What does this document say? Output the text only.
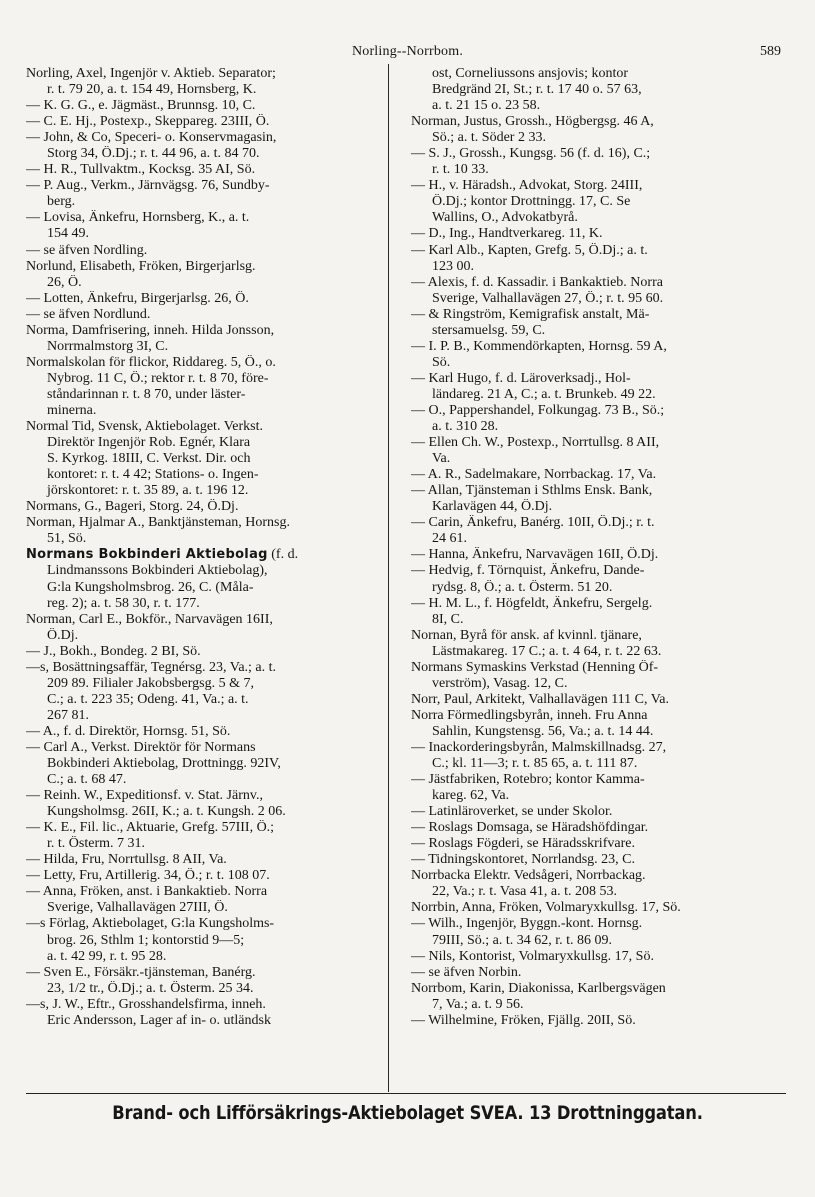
Norling--Norrbom.	589
Norling, Axel, Ingenjör v. Aktieb. Separator;
  r. t. 79 20, a. t. 154 49, Hornsberg, K.
— K. G. G., e. Jägmäst., Brunnsg. 10, C.
— C. E. Hj., Postexp., Skeppareg. 23III, Ö.
— John, & Co, Speceri- o. Konservmagasin,
  Storg 34, Ö.Dj.; r. t. 44 96, a. t. 84 70.
— H. R., Tullvaktm., Kocksg. 35 AI, Sö.
— P. Aug., Verkm., Järnvägsg. 76, Sundby-
  berg.
— Lovisa, Änkefru, Hornsberg, K., a. t.
  154 49.
— se äfven Nordling.
Norlund, Elisabeth, Fröken, Birgerjarlsg.
  26, Ö.
— Lotten, Änkefru, Birgerjarlsg. 26, Ö.
— se äfven Nordlund.
Norma, Damfrisering, inneh. Hilda Jonsson,
  Norrmalmstorg 3I, C.
Normalskolan för flickor, Riddareg. 5, Ö., o.
  Nybrog. 11 C, Ö.; rektor r. t. 8 70, före-
  ståndarinnan r. t. 8 70, under läster-
  minerna.
Normal Tid, Svensk, Aktiebolaget. Verkst.
  Direktör Ingenjör Rob. Egnér, Klara
  S. Kyrkog. 18III, C. Verkst. Dir. och
  kontoret: r. t. 4 42; Stations- o. Ingen-
  jörskontoret: r. t. 35 89, a. t. 196 12.
Normans, G., Bageri, Storg. 24, Ö.Dj.
Norman, Hjalmar A., Banktjänsteman, Hornsg.
  51, Sö.
Normans Bokbinderi Aktiebolag (f. d.
  Lindmanssons Bokbinderi Aktiebolag),
  G:la Kungsholmsbrog. 26, C. (Måla-
  reg. 2); a. t. 58 30, r. t. 177.
Norman, Carl E., Bokför., Narvavägen 16II,
  Ö.Dj.
— J., Bokh., Bondeg. 2 BI, Sö.
—s, Bosättningsaffär, Tegnérsg. 23, Va.; a. t.
  209 89. Filialer Jakobsbergsg. 5 & 7,
  C.; a. t. 223 35; Odeng. 41, Va.; a. t.
  267 81.
— A., f. d. Direktör, Hornsg. 51, Sö.
— Carl A., Verkst. Direktör för Normans
  Bokbinderi Aktiebolag, Drottningg. 92IV,
  C.; a. t. 68 47.
— Reinh. W., Expeditionsf. v. Stat. Järnv.,
  Kungsholmsg. 26II, K.; a. t. Kungsh. 2 06.
— K. E., Fil. lic., Aktuarie, Grefg. 57III, Ö.;
  r. t. Österm. 7 31.
— Hilda, Fru, Norrtullsg. 8 AII, Va.
— Letty, Fru, Artillerig. 34, Ö.; r. t. 108 07.
— Anna, Fröken, anst. i Bankaktieb. Norra
  Sverige, Valhallavägen 27III, Ö.
—s Förlag, Aktiebolaget, G:la Kungsholms-
  brog. 26, Sthlm 1; kontorstid 9—5;
  a. t. 42 99, r. t. 95 28.
— Sven E., Försäkr.-tjänsteman, Banérg.
  23, 1/2 tr., Ö.Dj.; a. t. Österm. 25 34.
—s, J. W., Eftr., Grosshandelsfirma, inneh.
  Eric Andersson, Lager af in- o. utländsk
  ost, Corneliussons ansjovis; kontor
  Bredgränd 2I, St.; r. t. 17 40 o. 57 63,
  a. t. 21 15 o. 23 58.
Norman, Justus, Grossh., Högbergsg. 46 A,
  Sö.; a. t. Söder 2 33.
— S. J., Grossh., Kungsg. 56 (f. d. 16), C.;
  r. t. 10 33.
— H., v. Häradsh., Advokat, Storg. 24III,
  Ö.Dj.; kontor Drottningg. 17, C. Se
  Wallins, O., Advokatbyrå.
— D., Ing., Handtverkareg. 11, K.
— Karl Alb., Kapten, Grefg. 5, Ö.Dj.; a. t.
  123 00.
— Alexis, f. d. Kassadir. i Bankaktieb. Norra
  Sverige, Valhallavägen 27, Ö.; r. t. 95 60.
— & Ringström, Kemigrafisk anstalt, Mä-
  stersamuelsg. 59, C.
— I. P. B., Kommendörkapten, Hornsg. 59 A,
  Sö.
— Karl Hugo, f. d. Läroverksadj., Hol-
  ländareg. 21 A, C.; a. t. Brunkeb. 49 22.
— O., Pappershandel, Folkungag. 73 B., Sö.;
  a. t. 310 28.
— Ellen Ch. W., Postexp., Norrtullsg. 8 AII,
  Va.
— A. R., Sadelmakare, Norrbackag. 17, Va.
— Allan, Tjänsteman i Sthlms Ensk. Bank,
  Karlavägen 44, Ö.Dj.
— Carin, Änkefru, Banérg. 10II, Ö.Dj.; r. t.
  24 61.
— Hanna, Änkefru, Narvavägen 16II, Ö.Dj.
— Hedvig, f. Törnquist, Änkefru, Dande-
  rydsg. 8, Ö.; a. t. Österm. 51 20.
— H. M. L., f. Högfeldt, Änkefru, Sergelg.
  8I, C.
Nornan, Byrå för ansk. af kvinnl. tjänare,
  Lästmakareg. 17 C.; a. t. 4 64, r. t. 22 63.
Normans Symaskins Verkstad (Henning Öf-
  verström), Vasag. 12, C.
Norr, Paul, Arkitekt, Valhallavägen 111 C, Va.
Norra Förmedlingsbyrån, inneh. Fru Anna
  Sahlin, Kungstensg. 56, Va.; a. t. 14 44.
— Inackorderingsbyrån, Malmskillnadsg. 27,
  C.; kl. 11—3; r. t. 85 65, a. t. 111 87.
— Jästfabriken, Rotebro; kontor Kamma-
  kareg. 62, Va.
— Latinläroverket, se under Skolor.
— Roslags Domsaga, se Häradshöfdingar.
— Roslags Fögderi, se Häradsskrifvare.
— Tidningskontoret, Norrlandsg. 23, C.
Norrbacka Elektr. Vedsågeri, Norrbackag.
  22, Va.; r. t. Vasa 41, a. t. 208 53.
Norrbin, Anna, Fröken, Volmaryxkullsg. 17, Sö.
— Wilh., Ingenjör, Byggn.-kont. Hornsg.
  79III, Sö.; a. t. 34 62, r. t. 86 09.
— Nils, Kontorist, Volmaryxkullsg. 17, Sö.
— se äfven Norbin.
Norrbom, Karin, Diakonissa, Karlbergsvägen
  7, Va.; a. t. 9 56.
— Wilhelmine, Fröken, Fjällg. 20II, Sö.
Brand- och Lifförsäkrings-Aktiebolaget SVEA. 13 Drottninggatan.
